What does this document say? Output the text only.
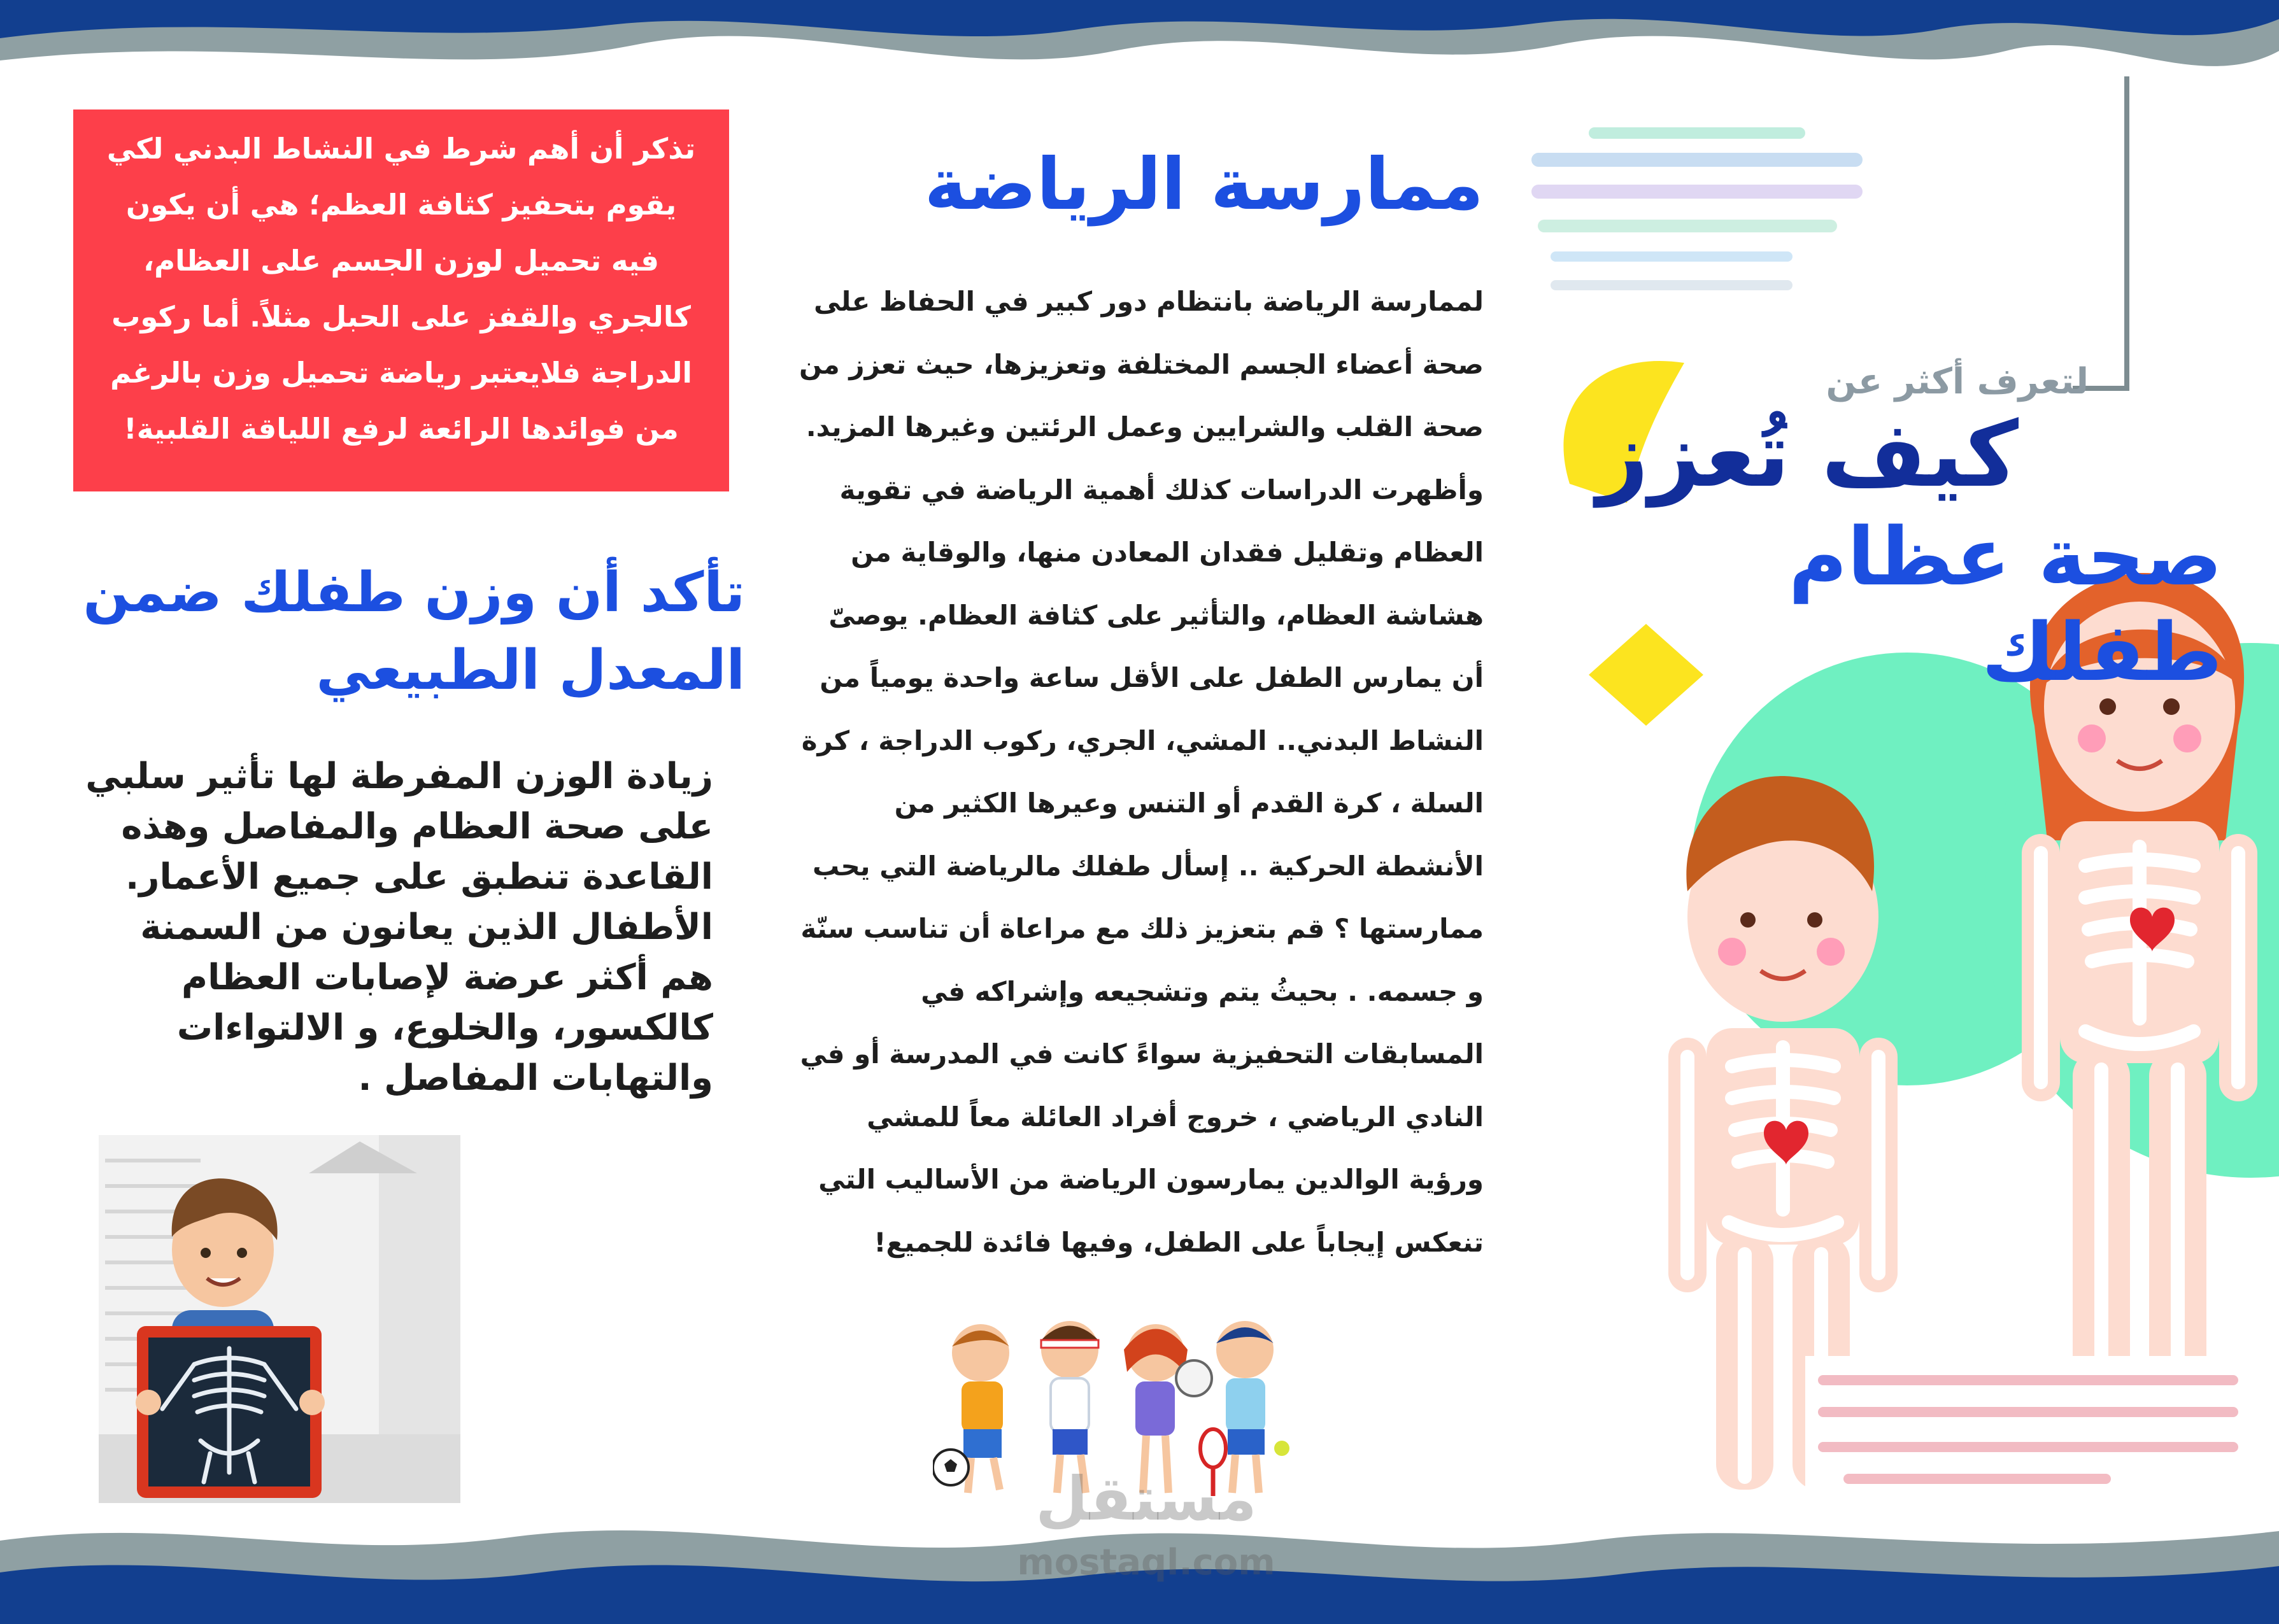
تذكر أن أهم شرط في النشاط البدني لكي يقوم بتحفيز كثافة العظم؛ هي أن يكون فيه تحميل لوزن الجسم على العظام، كالجري والقفز على الحبل مثلاً. أما ركوب الدراجة فلايعتبر رياضة تحميل وزن بالرغم من فوائدها الرائعة لرفع اللياقة القلبية!
تأكد أن وزن طفلك ضمن المعدل الطبيعي

زيادة الوزن المفرطة لها تأثير سلبي على صحة العظام والمفاصل وهذه القاعدة تنطبق على جميع الأعمار. الأطفال الذين يعانون من السمنة هم أكثر عرضة لإصابات العظام كالكسور، والخلوع، و الالتواءات والتهابات المفاصل .

ممارسة الرياضة

لممارسة الرياضة بانتظام دور كبير في الحفاظ على صحة أعضاء الجسم المختلفة وتعزيزها، حيث تعزز من صحة القلب والشرايين وعمل الرئتين وغيرها المزيد. وأظهرت الدراسات كذلك أهمية الرياضة في تقوية العظام وتقليل فقدان المعادن منها، والوقاية من هشاشة العظام، والتأثير على كثافة العظام. يوصىّ أن يمارس الطفل على الأقل ساعة واحدة يومياً من النشاط البدني.. المشي، الجري، ركوب الدراجة ، كرة السلة ، كرة القدم أو التنس وعيرها الكثير من الأنشطة الحركية .. إسأل طفلك مالرياضة التي يحب ممارستها ؟ قم بتعزيز ذلك مع مراعاة أن تناسب سنّة و جسمه. . بحيثُ يتم وتشجيعه وإشراكه في المسابقات التحفيزية سواءً كانت في المدرسة أو في النادي الرياضي ، خروج أفراد العائلة معاً للمشي ورؤية الوالدين يمارسون الرياضة من الأساليب التي تنعكس إيجاباً على الطفل، وفيها فائدة للجميع!

مستقل
mostaql.com
لتعرف أكثر عن
كيف تُعزز
صحة عظام طفلك
